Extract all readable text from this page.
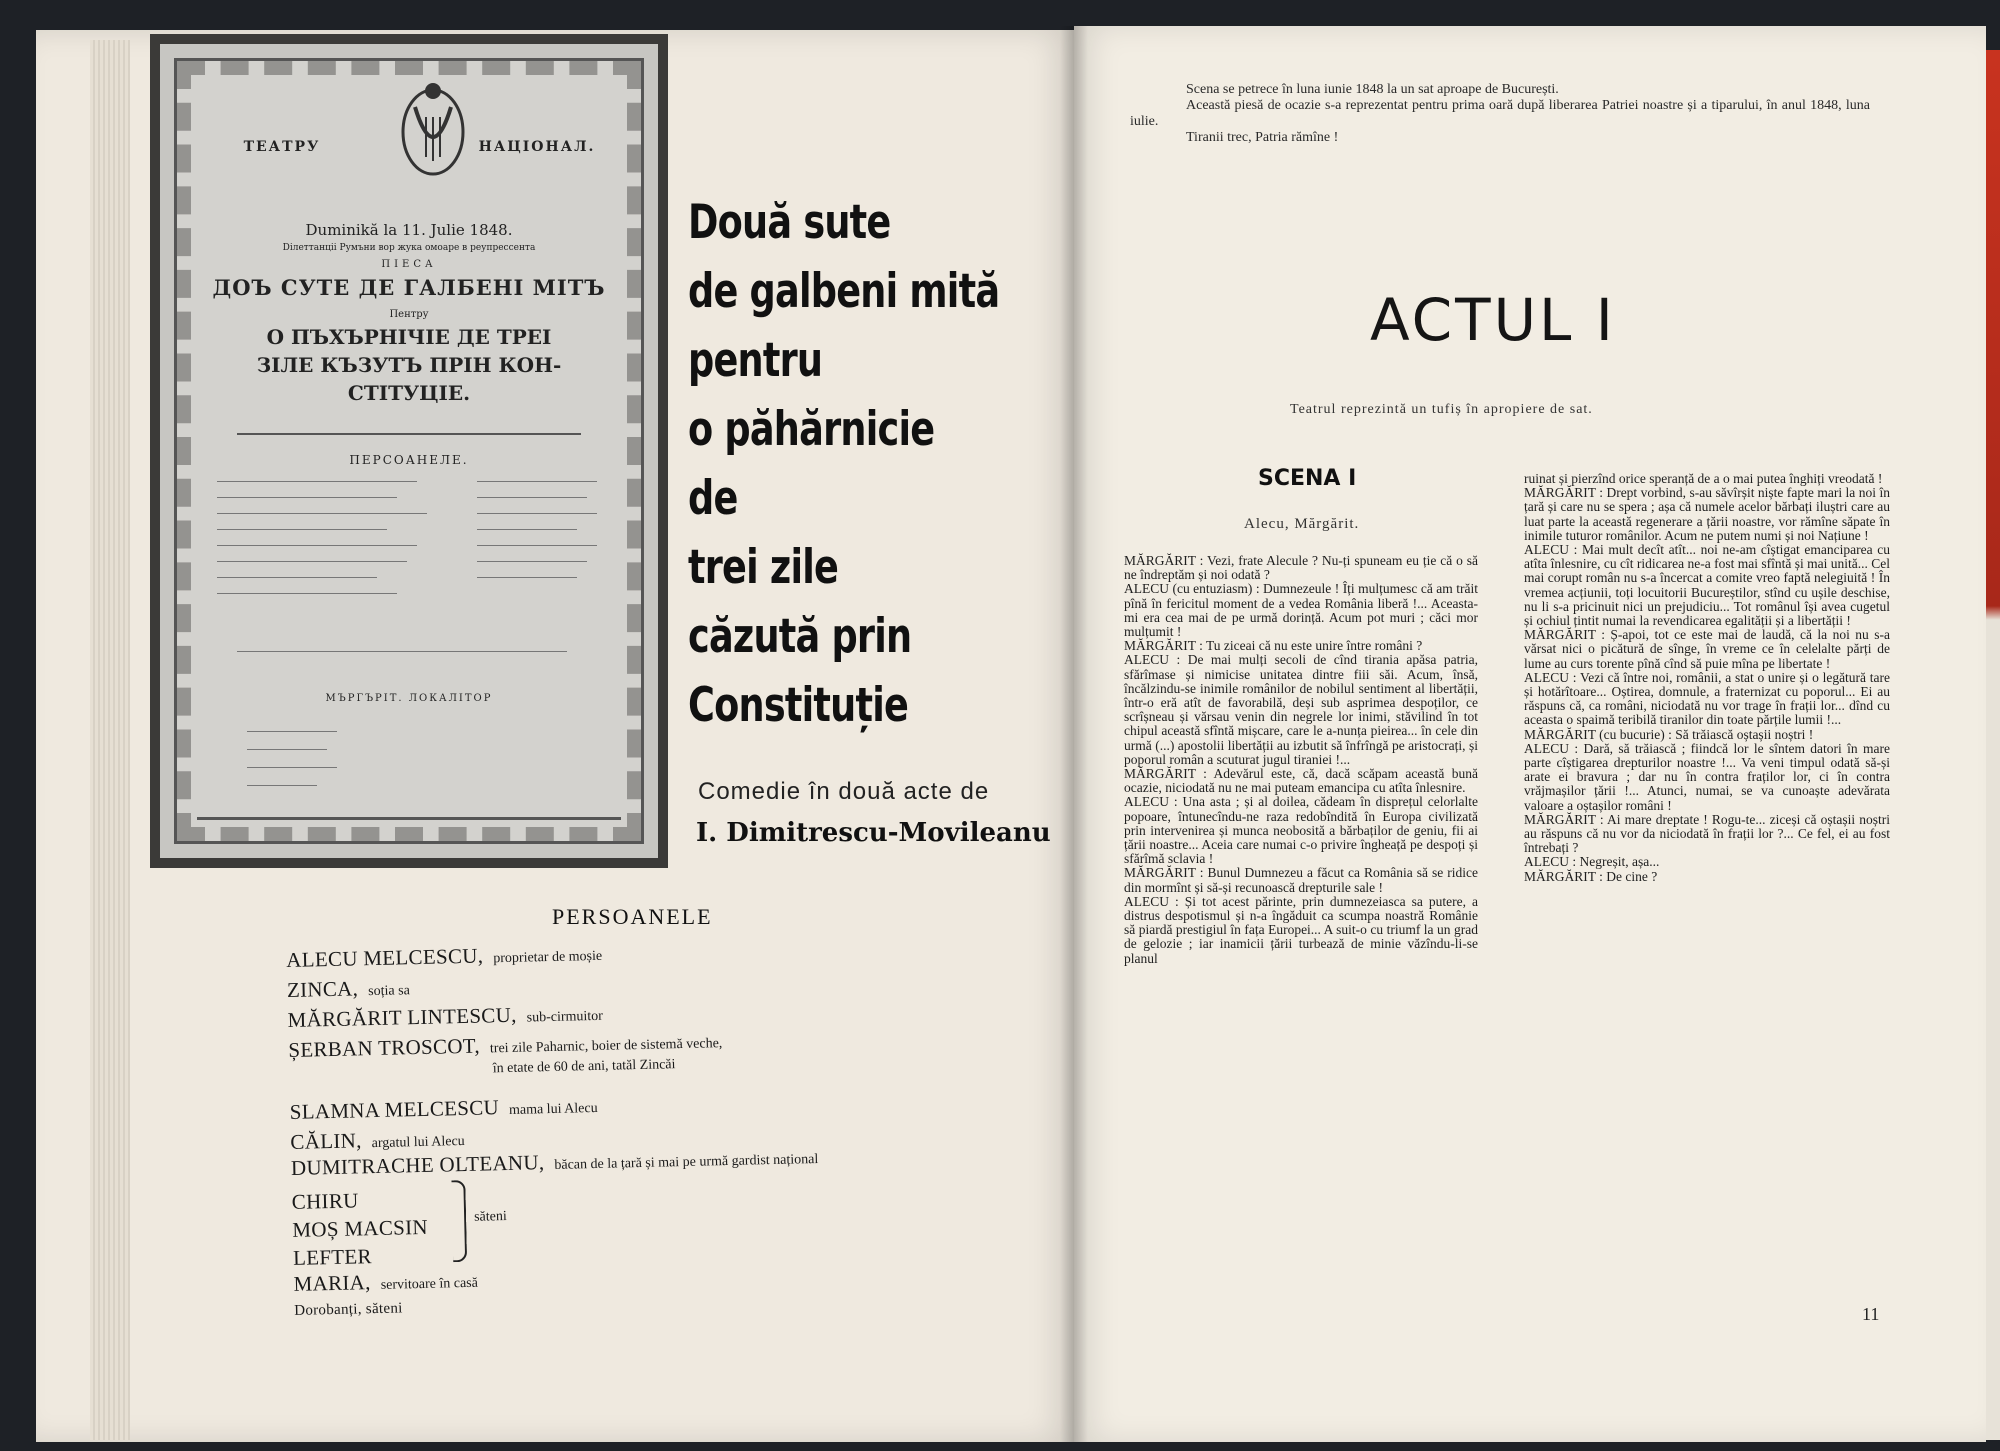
ТЕАТРУ	НАЦІОНАЛ.
Duminikă la 11. Julie 1848.
Diлеттанцii Румъни вор жука омоаре в реупрессента
ПІЕСА
ДОЪ СУТЕ ДЕ ГАЛБЕНІ МІТЪ
Пентру
О ПЪХЪРНІЧІЕ ДЕ ТРЕІ
ЗІЛЕ КЪЗУТЪ ПРІН КОН-
СТІТУЦІЕ.
ПЕРСОАНЕЛЕ.
МЪРГЪРІТ. ЛОКАЛІТОР
Două sute
de galbeni mită
pentru
o păhărnicie
de
trei zile
căzută prin
Constituție
Comedie în două acte de
I. Dimitrescu-Movileanu
PERSOANELE
ALECU MELCESCU, proprietar de moșie
ZINCA, soția sa
MĂRGĂRIT LINTESCU, sub-cirmuitor
ȘERBAN TROSCOT, trei zile Paharnic, boier de sistemă veche,
în etate de 60 de ani, tatăl Zincăi
SLAMNA MELCESCU mama lui Alecu
CĂLIN, argatul lui Alecu
DUMITRACHE OLTEANU, băcan de la țară și mai pe urmă gardist național
CHIRU
MOȘ MACSIN
LEFTER
MARIA, servitoare în casă
Dorobanți, săteni
săteni

Scena se petrece în luna iunie 1848 la un sat aproape de București.

Această piesă de ocazie s-a reprezentat pentru prima oară după liberarea Patriei noastre și a tiparului, în anul 1848, luna iulie.

Tiranii trec, Patria rămîne !

ACTUL I
Teatrul reprezintă un tufiș în apropiere de sat.
SCENA I
Alecu, Mărgărit.

MĂRGĂRIT : Vezi, frate Alecule ? Nu-ți spuneam eu ție că o să ne îndreptăm și noi odată ?

ALECU (cu entuziasm) : Dumnezeule ! Îți mulțumesc că am trăit pînă în fericitul moment de a vedea România liberă !... Aceasta-mi era cea mai de pe urmă dorință. Acum pot muri ; căci mor mulțumit !

MĂRGĂRIT : Tu ziceai că nu este unire între români ?

ALECU : De mai mulți secoli de cînd tirania apăsa patria, sfărîmase și nimicise unitatea dintre fiii săi. Acum, însă, încălzindu-se inimile românilor de nobilul sentiment al libertății, într-o eră atît de favorabilă, deși sub asprimea despoților, ce scrîșneau și vărsau venin din negrele lor inimi, stăvilind în tot chipul această sfîntă mișcare, care le a-nunța pieirea... în cele din urmă (...) apostolii libertății au izbutit să înfrîngă pe aristocrați, și poporul român a scuturat jugul tiraniei !...

MĂRGĂRIT : Adevărul este, că, dacă scăpam această bună ocazie, niciodată nu ne mai puteam emancipa cu atîta înlesnire.

ALECU : Una asta ; și al doilea, cădeam în disprețul celorlalte popoare, întunecîndu-ne raza redobîndită în Europa civilizată prin intervenirea și munca neobosită a bărbaților de geniu, fii ai țării noastre... Aceia care numai c-o privire îngheață pe despoți și sfărîmă sclavia !

MĂRGĂRIT : Bunul Dumnezeu a făcut ca România să se ridice din mormînt și să-și recunoască drepturile sale !

ALECU : Și tot acest părinte, prin dumnezeiasca sa putere, a distrus despotismul și n-a îngăduit ca scumpa noastră Românie să piardă prestigiul în fața Europei... A suit-o cu triumf la un grad de gelozie ; iar inamicii țării turbează de minie văzîndu-li-se planul

ruinat și pierzînd orice speranță de a o mai putea înghiți vreodată !

MĂRGĂRIT : Drept vorbind, s-au săvîrșit niște fapte mari la noi în țară și care nu se spera ; așa că numele acelor bărbați iluștri care au luat parte la această regenerare a țării noastre, vor rămîne săpate în inimile tuturor românilor. Acum ne putem numi și noi Națiune !

ALECU : Mai mult decît atît... noi ne-am cîștigat emanciparea cu atîta înlesnire, cu cît ridicarea ne-a fost mai sfîntă și mai unită... Cel mai corupt român nu s-a încercat a comite vreo faptă nelegiuită ! În vremea acțiunii, toți locuitorii Bucureștilor, stînd cu ușile deschise, nu li s-a pricinuit nici un prejudiciu... Tot românul își avea cugetul și ochiul țintit numai la revendicarea egalității și a libertății !

MĂRGĂRIT : Ș-apoi, tot ce este mai de laudă, că la noi nu s-a vărsat nici o picătură de sînge, în vreme ce în celelalte părți de lume au curs torente pînă cînd să puie mîna pe libertate !

ALECU : Vezi că între noi, românii, a stat o unire și o legătură tare și hotărîtoare... Oștirea, domnule, a fraternizat cu poporul... Ei au răspuns că, ca români, niciodată nu vor trage în frații lor... dînd cu aceasta o spaimă teribilă tiranilor din toate părțile lumii !...

MĂRGĂRIT (cu bucurie) : Să trăiască oștașii noștri !

ALECU : Dară, să trăiască ; fiindcă lor le sîntem datori în mare parte cîștigarea drepturilor noastre !... Va veni timpul odată să-și arate ei bravura ; dar nu în contra fraților lor, ci în contra vrăjmașilor țării !... Atunci, numai, se va cunoaște adevărata valoare a oștașilor români !

MĂRGĂRIT : Ai mare dreptate ! Rogu-te... ziceși că oștașii noștri au răspuns că nu vor da niciodată în frații lor ?... Ce fel, ei au fost întrebați ?

ALECU : Negreșit, așa...

MĂRGĂRIT : De cine ?

11
